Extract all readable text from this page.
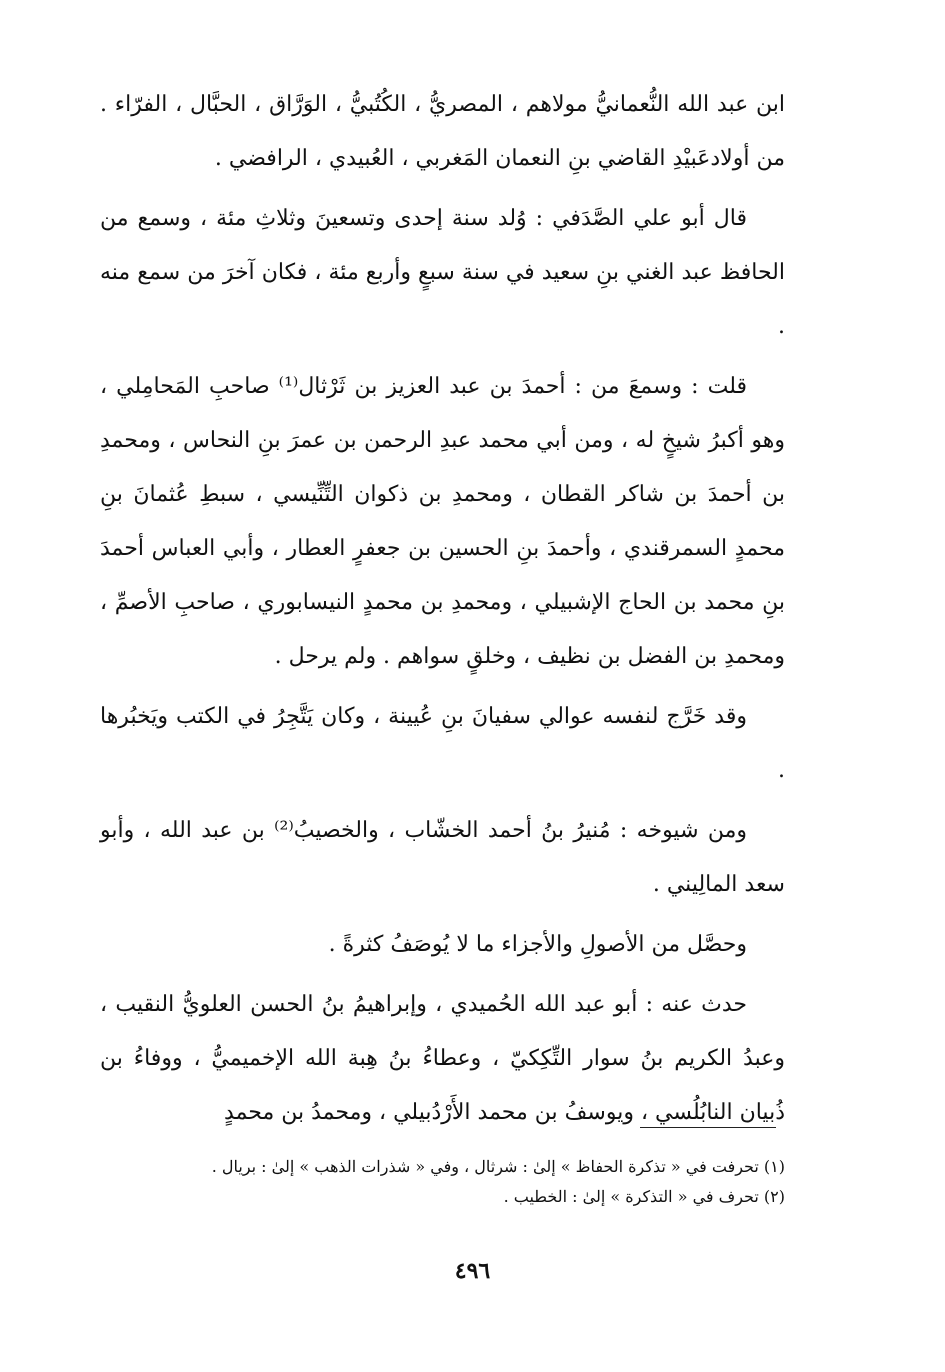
ابن عبد الله النُّعمانيُّ مولاهم ، المصريُّ ، الكُتُبيُّ ، الوَرَّاق ، الحبَّال ، الفرّاء . من أولادعَبيْدِ القاضي بنِ النعمان المَغربي ، العُبيدي ، الرافضي .

قال أبو علي الصَّدَفي : وُلد سنة إحدى وتسعينَ وثلاثِ مئة ، وسمع من الحافظ عبد الغني بنِ سعيد في سنة سبعٍ وأربع مئة ، فكان آخرَ من سمع منه .

قلت : وسمعَ من : أحمدَ بن عبد العزيز بن ثَرْثال⁽¹⁾ صاحبِ المَحامِلي ، وهو أكبرُ شيخٍ له ، ومن أبي محمد عبدِ الرحمن بن عمرَ بنِ النحاس ، ومحمدِ بن أحمدَ بن شاكر القطان ، ومحمدِ بن ذكوان التِّنِّيسي ، سبطِ عُثمانَ بنِ محمدٍ السمرقندي ، وأحمدَ بنِ الحسين بن جعفرٍ العطار ، وأبي العباس أحمدَ بنِ محمد بن الحاج الإشبيلي ، ومحمدِ بن محمدٍ النيسابوري ، صاحبِ الأصمِّ ، ومحمدِ بن الفضل بن نظيف ، وخلقٍ سواهم . ولم يرحل .

وقد خَرَّج لنفسه عوالي سفيانَ بنِ عُيينة ، وكان يَتَّجِرُ في الكتب ويَخبُرها .

ومن شيوخه : مُنيرُ بنُ أحمد الخشّاب ، والخصيبُ⁽²⁾ بن عبد الله ، وأبو سعد المالِيني .

وحصَّل من الأصولِ والأجزاء ما لا يُوصَفُ كثرةً .

حدث عنه : أبو عبد الله الحُميدي ، وإبراهيمُ بنُ الحسن العلويُّ النقيب ، وعبدُ الكريم بنُ سوار التِّكِكيّ ، وعطاءُ بنُ هِبة الله الإخميميُّ ، ووفاءُ بن ذُبيان النابُلُسي ، ويوسفُ بن محمد الأَرْدُبيلي ، ومحمدُ بن محمدٍ

(١) تحرفت في « تذكرة الحفاظ » إلىٰ : شرثال ، وفي « شذرات الذهب » إلىٰ : بريال .

(٢) تحرف في « التذكرة » إلىٰ : الخطيب .

٤٩٦
